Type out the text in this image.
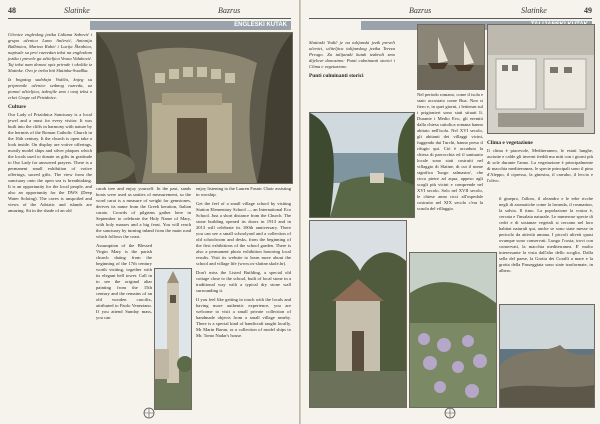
48	Slatinke	Bazrus
ENGLESKI KUTAK

Učenice engleskog jezika Lidiana Sabović i grupa učenica Lana Ančević, Antonija Balbinica, Marina Rubić i Lucija Škrabica, napisale su prvi razvedan tekst na engleskom jeziku i prevele ga učiteljica Vesna Vidaković. Taj tekst nam donosi opis prirode i okoliša iz Slatinke. Ovo je treba biti Slatinka-Svadlka.

Iz bogatog sadržaja Vodiča, kojeg su pripremile učenice sedmog razreda, uz pomoć učiteljica, izdvojile smo i ovaj tekst o crkvi Gospe od Prizidnice.

Culture

Our Lady of Prizidnica Sanctuary is a local jewel and a must for every visitor. It was built into the cliffs in harmony with nature by the hermits of the Roman Catholic Church in the 16th century. It the church is open take a look inside. On display are votive offerings, mostly model ships and silver plaques which the locals used to donate as gifts in gratitude to Our Lady for answered prayers. There is a permanent small exhibition of votive offerings, sacred gifts. The view from the sanctuary onto the open sea is breathtaking. It is an opportunity for the local people, and also an opportunity for the DWS (Deep Water Soloing). The caves is unspoiled and views of the Adriatic and islands are amazing. Sit in the shade of an old

carob tree and enjoy yourself. In the past, sands boats were used as unities of measurement, so the word carat is a measure of weight for gemstones, derives its name from the Greek keration, Italian carato. Crowds of pilgrims gather here in September to celebrate the Holy Name of Mary, with holy masses and a big feast. You will reach the sanctuary by turning inland from the main road which follows the coast.

Assumption of the Blessed Virgin Mary is the parish church dating from the beginning of the 17th century worth visiting, together with its elegant bell tower. Call in to see the original altar painting from the 15th century and the remains of an old wooden crucifix, attributed to Paolo Veneziano. If you attend Sunday mass, you can

enjoy listening to the Lauren Fasnic Choir assisting in worship.

Get the feel of a small village school by visiting Station Elementary School — an International Eco School. Just a short distance from the Church. The stone building opened its doors in 1913 and in 2013 will celebrate its 100th anniversary. There you can see a small schoolyard and a collection of old schoolroom and desks, from the beginning of the first exhibitions of the school garden. There is also a permanent photo exhibition honoring local results. Visit its website to learn more about the school and village life (www.os-slatine.skole.hr).

Don't miss the Listed Building, a special old cottage close to the school, built of local stone in a traditional way with a typical dry stone wall surrounding it.

If you feel like getting in touch with the locals and having more authentic experience, you are welcome to visit a small private collection of handmade objects from a small village nearby. There is a special kind of handicraft taught locally, Mr Marin Barun, or a collection of model ships to Mr. Tomo Nadar's house.

Bazrus	Slatinke	49

Slatinski Vodič je na talijanski jezik preveli učenici, učiteljica talijanskog jezika Tereza Perago. Za talijanski kutak izabrali smo dijelove donosimo: Punti culminanti storici i Clima e vegetazione.

Punti culminanti storici

Nel periodo romano, come il isola e stato accostato come Bua. Non si fiero e, in quei giorni, i lettieran sul i prigionieri sono stati situati lì. Durante i Medio Evo, gli eremiti dalla chiesa cattolica romana hanno abitato nell'isola. Nel XVI secolo, gli abitanti dei villaggi vicini, fuggendo dai Turchi, hanno preso il rifugio qui. Ciò è accaduto la chiesa di parrocchia ed il santuario locale sono stati costruiti nel villaggio di Slatine, di cui il nome significa 'luogo salmastro', che circa pietre ad aqua, appeso agli scogli più vicini e comprende nel XVI secolo. Solo nel XVII secolo, le chiese anno ricci all'ospedale costruito nel XIX secolo c'era la scuola del villaggio.

Clima e vegetazione

Il clima è piacevole, Mediterraneo, le estati lunghe, asciutte e calde gli inverni freddi ma miti con i giorni più di sole durante l'anno. La vegetazione è principalmente di macchia mediterranea, le specie principali sono il pino d'Aleppo, il cipresso, la ginestra, il carrubo, il leccio e l'olivo.

il ginepro, l'alloro, il oleandro e le erbe ricche negli di aromatiche come la lavanda, il rosmarino, la salvia. Il timo. La popolazione la vostra è, cercata e l'insalata naturale. Le numerose specie di cedri e di sostanze vegetali si cercano nel loro habitat naturali qui, anche se sono state messe in pericolo da attività umana. I piccoli uliveti quasi ovunque sono conservati. Lungo l'costa, trovi con conservati, la macchia mediterranea. E' molto interessante la vista dall'alto dello scoglio. Dalla sella del paese, la Grotta dei Coralli a mare e la grotta della Passeggiata sono state trasformate, in albero.
